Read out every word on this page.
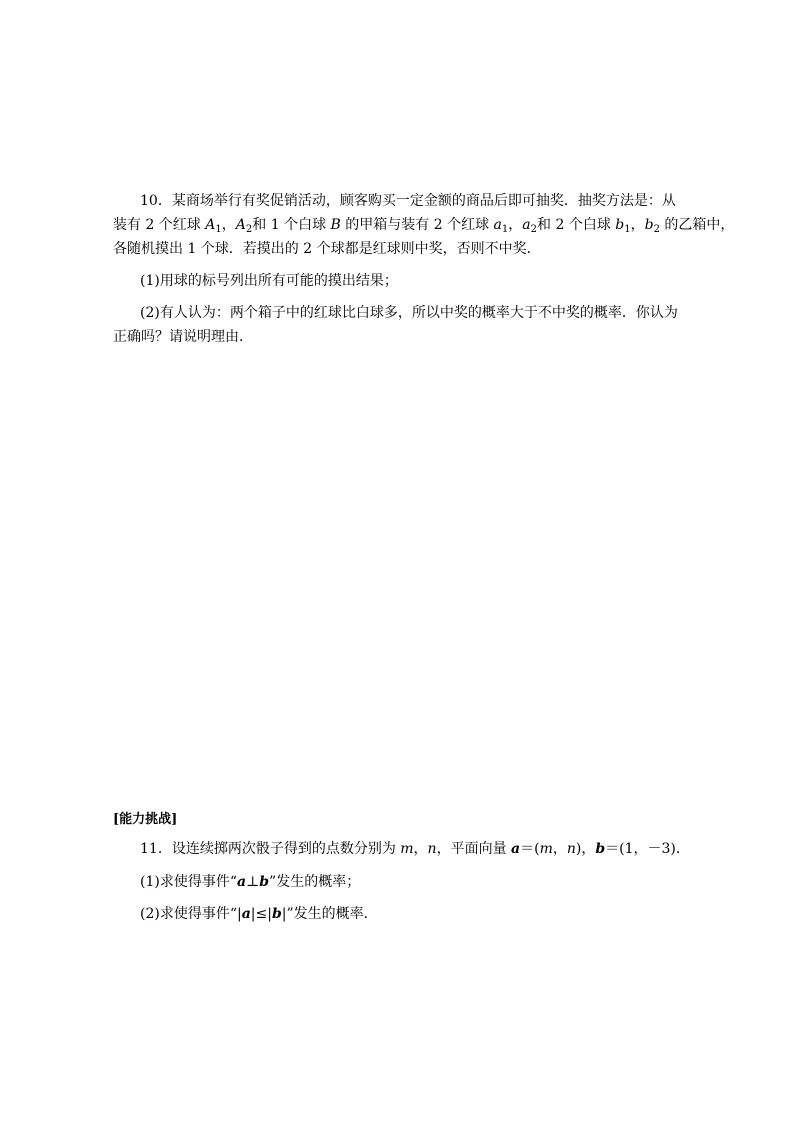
10．某商场举行有奖促销活动，顾客购买一定金额的商品后即可抽奖．抽奖方法是：从
装有 2 个红球 $A_1$，$A_2$和 1 个白球 B 的甲箱与装有 2 个红球 $a_1$，$a_2$和 2 个白球 $b_1$，$b_2$ 的乙箱中，
各随机摸出 1 个球．若摸出的 2 个球都是红球则中奖，否则不中奖．
(1)用球的标号列出所有可能的摸出结果；
(2)有人认为：两个箱子中的红球比白球多，所以中奖的概率大于不中奖的概率．你认为
正确吗？请说明理由．
[能力挑战]
11．设连续掷两次骰子得到的点数分别为 m，n，平面向量 a＝(m，n)，b＝(1，－3)．
(1)求使得事件“a⊥b”发生的概率；
(2)求使得事件“|a|≤|b|”发生的概率．
